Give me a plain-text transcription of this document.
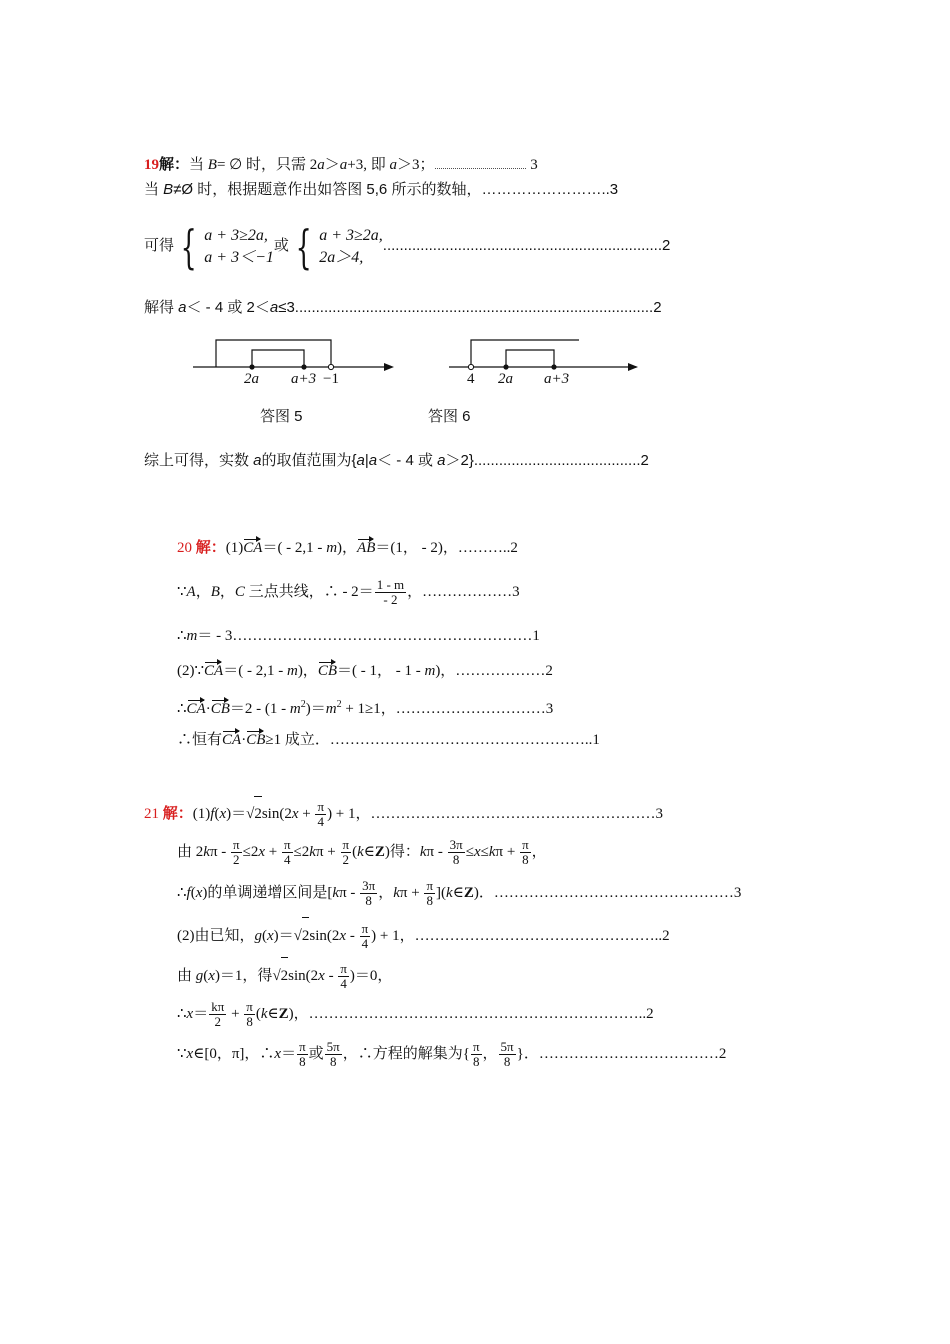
19解：当 B= ∅ 时，只需 2a＞a+3, 即 a＞3；.............................................. 3
当 B≠Ø 时，根据题意作出如答图 5,6 所示的数轴，……………………..3
可得 { a + 3≥2a,
a + 3＜−1
或 { a + 3≥2a,
2a＞4,
...................................................................2
解得 a＜ - 4 或 2＜a≤3......................................................................................2
2a a+3 −1	4 2a a+3
答图 5	答图 6
综上可得，实数 a的取值范围为{a|a＜ - 4 或 a＞2}........................................2
20 解：(1)CA＝( - 2,1 - m)，AB＝(1， - 2)，………..2
∵A，B，C 三点共线，∴ - $2= \frac{1 - m}{- 2}$ ，………………3
∴m＝ - 3……………………………………………………1
(2)∵CA＝( - 2,1 - m)，CB＝( - 1， - 1 - m)，………………2
∴CA·CB＝2 - $(1 - m^2)=m^2 + 1\ge 1$，…………………………3
∴恒有CA·CB≥1 成立．……………………………………………..1
21 解：$(1)f(x)=√2\sin(2x + \frac{\pi}{4}$ ) + 1，…………………………………………………3
由 $2k\pi - \frac{\pi}{2} \le 2x + \frac{\pi}{4} \le 2k\pi + \frac{\pi}{2}$ (k∈Z)得：$k\pi - \frac{3\pi}{8} \le x\le k\pi + \frac{\pi}{8}$ ，
∴f(x)的单调递增区间是[$k\pi - \frac{3\pi}{8}$ ，$k\pi + \frac{\pi}{8}$ ](k∈Z)．…………………………………………3
(2)由已知，$g(x)=√2\sin(2x - \frac{\pi}{4}$ ) + 1，…………………………………………..2
由 g(x)＝1，得$√2\sin(2x - \frac{\pi}{4} )=0$，
∴x＝ $\frac{k\pi}{2} + \frac{\pi}{8}$ (k∈Z)，…………………………………………………………..2
∵x∈[0，π]，∴x＝ $\frac{\pi}{8}$ 或 $\frac{5\pi}{8}$ ，∴方程的解集为{ $\frac{\pi}{8}$ ， $\frac{5\pi}{8}$ }．………………………………2
